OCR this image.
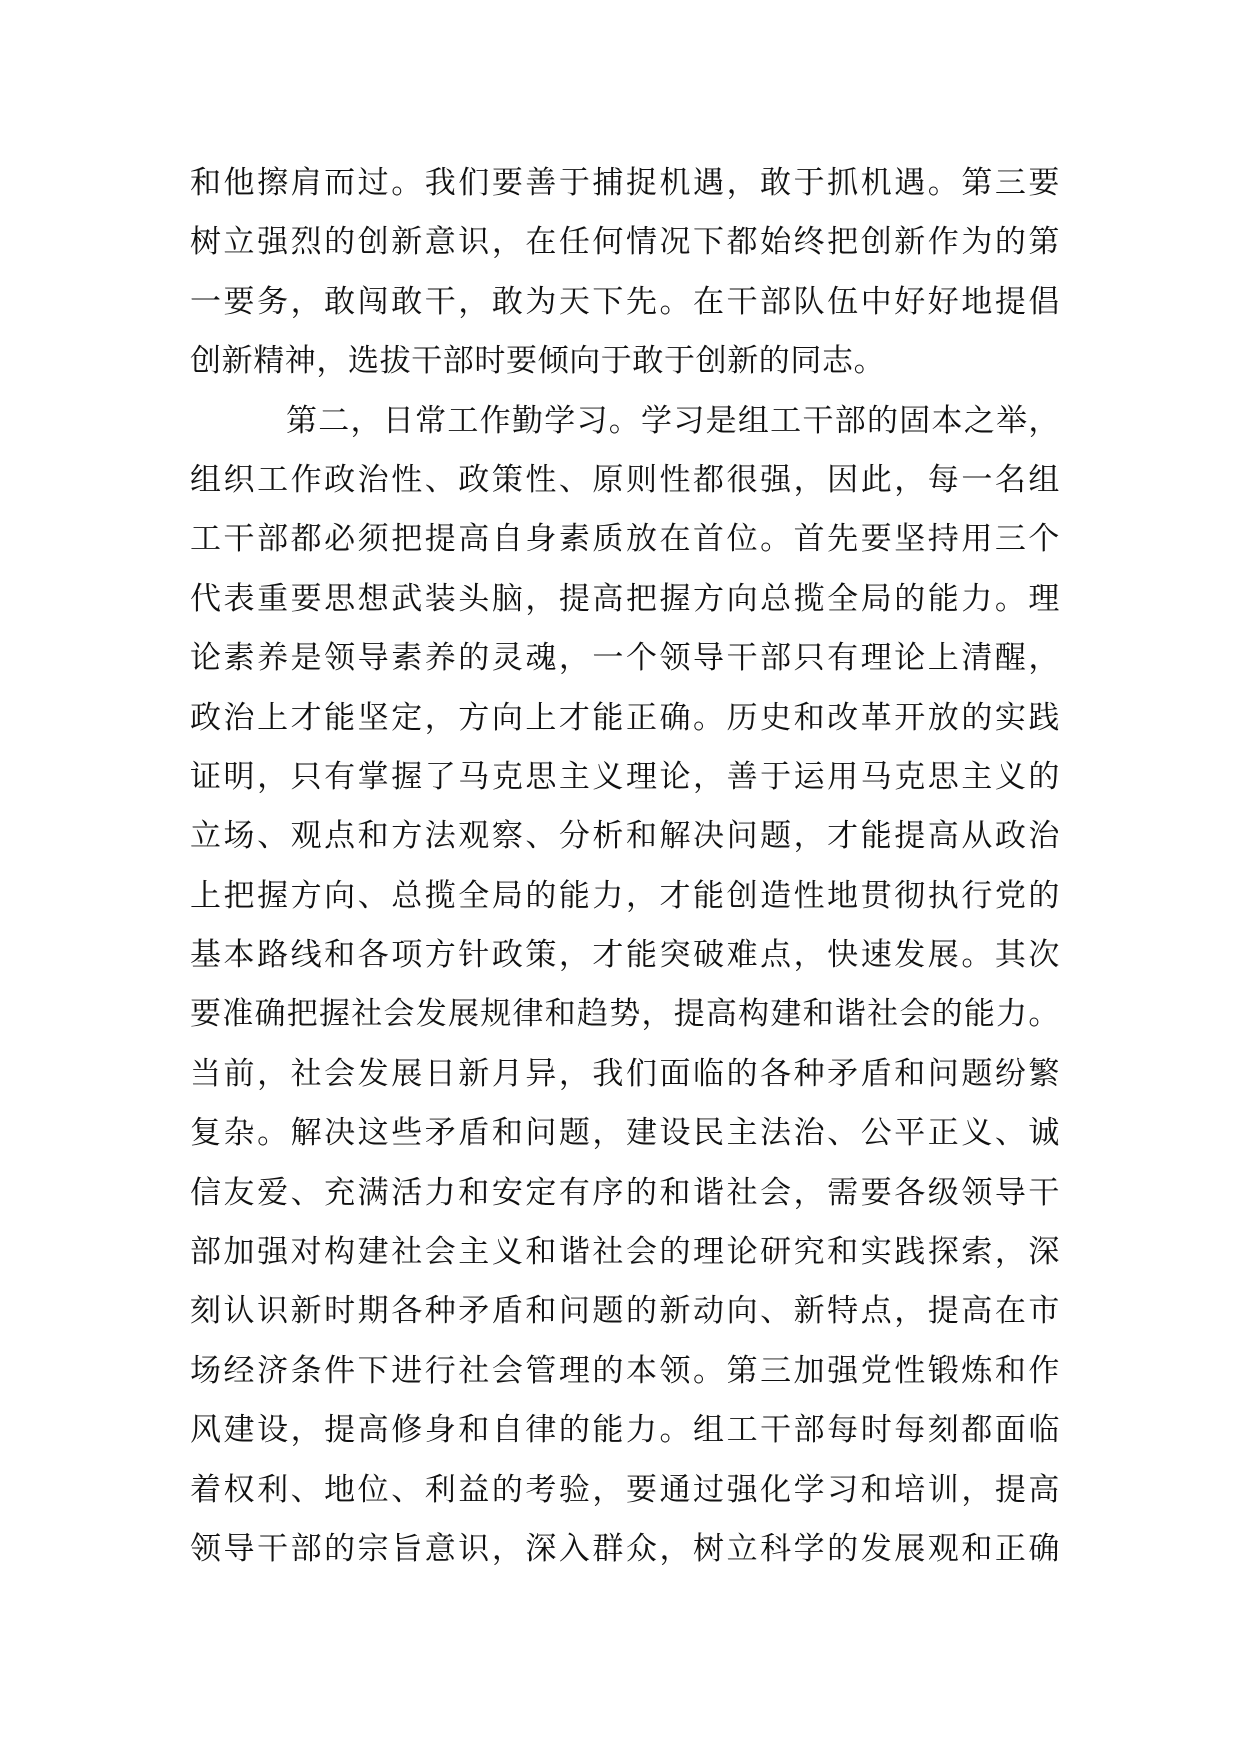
和他擦肩而过。我们要善于捕捉机遇，敢于抓机遇。第三要
树立强烈的创新意识，在任何情况下都始终把创新作为的第
一要务，敢闯敢干，敢为天下先。在干部队伍中好好地提倡
创新精神，选拔干部时要倾向于敢于创新的同志。
第二，日常工作勤学习。学习是组工干部的固本之举，
组织工作政治性、政策性、原则性都很强，因此，每一名组
工干部都必须把提高自身素质放在首位。首先要坚持用三个
代表重要思想武装头脑，提高把握方向总揽全局的能力。理
论素养是领导素养的灵魂，一个领导干部只有理论上清醒，
政治上才能坚定，方向上才能正确。历史和改革开放的实践
证明，只有掌握了马克思主义理论，善于运用马克思主义的
立场、观点和方法观察、分析和解决问题，才能提高从政治
上把握方向、总揽全局的能力，才能创造性地贯彻执行党的
基本路线和各项方针政策，才能突破难点，快速发展。其次
要准确把握社会发展规律和趋势，提高构建和谐社会的能力。
当前，社会发展日新月异，我们面临的各种矛盾和问题纷繁
复杂。解决这些矛盾和问题，建设民主法治、公平正义、诚
信友爱、充满活力和安定有序的和谐社会，需要各级领导干
部加强对构建社会主义和谐社会的理论研究和实践探索，深
刻认识新时期各种矛盾和问题的新动向、新特点，提高在市
场经济条件下进行社会管理的本领。第三加强党性锻炼和作
风建设，提高修身和自律的能力。组工干部每时每刻都面临
着权利、地位、利益的考验，要通过强化学习和培训，提高
领导干部的宗旨意识，深入群众，树立科学的发展观和正确
